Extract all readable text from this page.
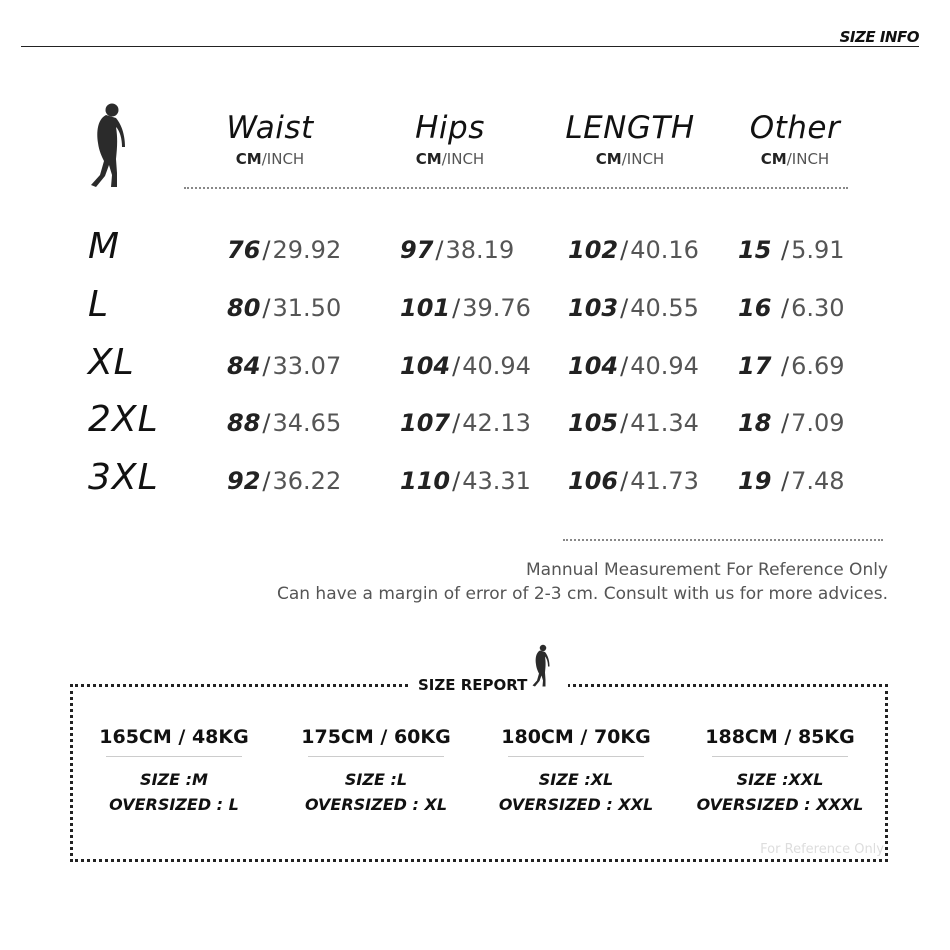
SIZE INFO
Waist
CM/INCH
Hips
CM/INCH
LENGTH
CM/INCH
Other
CM/INCH
M	76/29.92 97/38.19 102/40.16 15 /5.91
L	80/31.50 101/39.76 103/40.55 16 /6.30
XL	84/33.07 104/40.94 104/40.94 17 /6.69
2XL	88/34.65 107/42.13 105/41.34 18 /7.09
3XL	92/36.22 110/43.31 106/41.73 19 /7.48
Mannual Measurement For Reference Only
Can have a margin of error of 2-3 cm. Consult with us for more advices.
SIZE REPORT
165CM / 48KG
SIZE :M
OVERSIZED : L
175CM / 60KG
SIZE :L
OVERSIZED : XL
180CM / 70KG
SIZE :XL
OVERSIZED : XXL
188CM / 85KG
SIZE :XXL
OVERSIZED : XXXL
For Reference Only
